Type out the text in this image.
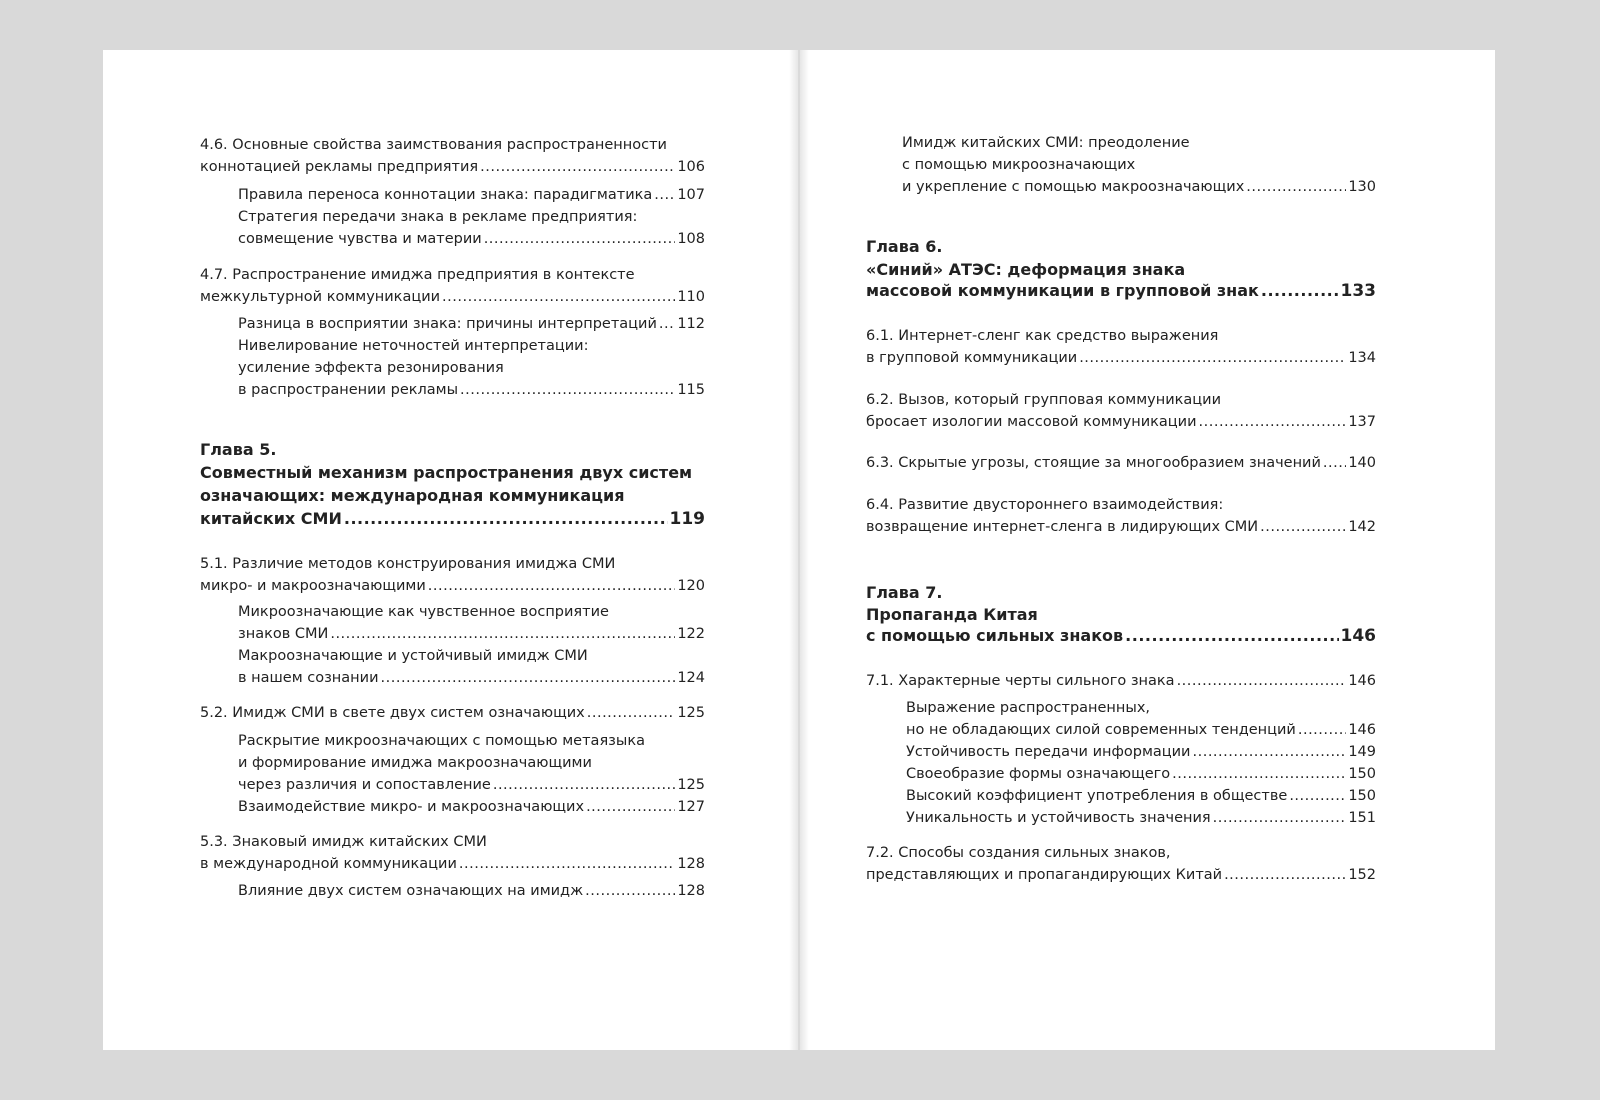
4.6. Основные свойства заимствования распространенности
коннотацией рекламы предприятия .....	106
Правила переноса коннотации знака: парадигматика ..... 107
Стратегия передачи знака в рекламе предприятия:
совмещение чувства и материи .....	108
4.7. Распространение имиджа предприятия в контексте
межкультурной коммуникации .....	110
Разница в восприятии знака: причины интерпретаций ..... 112
Нивелирование неточностей интерпретации:
усиление эффекта резонирования
в распространении рекламы .....	115
Глава 5.
Совместный механизм распространения двух систем
означающих: международная коммуникация
китайских СМИ .....	119
5.1. Различие методов конструирования имиджа СМИ
микро- и макроозначающими .....	120
Микроозначающие как чувственное восприятие
знаков СМИ .....	122
Макроозначающие и устойчивый имидж СМИ
в нашем сознании .....	124
5.2. Имидж СМИ в свете двух систем означающих .....	125
Раскрытие микроозначающих с помощью метаязыка
и формирование имиджа макроозначающими
через различия и сопоставление .....	125
Взаимодействие микро- и макроозначающих .....	127
5.3. Знаковый имидж китайских СМИ
в международной коммуникации .....	128
Влияние двух систем означающих на имидж .....	128
Имидж китайских СМИ: преодоление
с помощью микроозначающих
и укрепление с помощью макроозначающих .....	130
Глава 6.
«Синий» АТЭС: деформация знака
массовой коммуникации в групповой знак .....	133
6.1. Интернет-сленг как средство выражения
в групповой коммуникации .....	134
6.2. Вызов, который групповая коммуникации
бросает изологии массовой коммуникации .....	137
6.3. Скрытые угрозы, стоящие за многообразием значений ..... 140
6.4. Развитие двустороннего взаимодействия:
возвращение интернет-сленга в лидирующих СМИ .....	142
Глава 7.
Пропаганда Китая
с помощью сильных знаков .....	146
7.1. Характерные черты сильного знака .....	146
Выражение распространенных,
но не обладающих силой современных тенденций .....	146
Устойчивость передачи информации .....	149
Своеобразие формы означающего .....	150
Высокий коэффициент употребления в обществе .....	150
Уникальность и устойчивость значения .....	151
7.2. Способы создания сильных знаков,
представляющих и пропагандирующих Китай .....	152
